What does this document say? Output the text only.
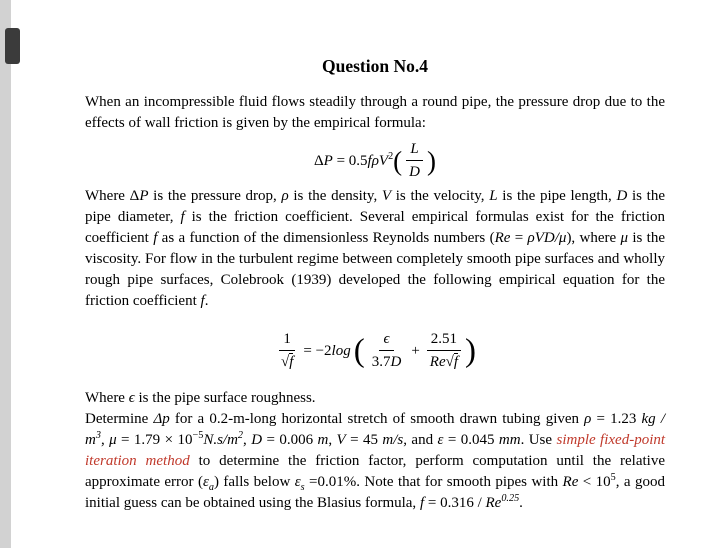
Question No.4

When an incompressible fluid flows steadily through a round pipe, the pressure drop due to the effects of wall friction is given by the empirical formula:

ΔP = 0.5fρV$^2$ ( $\frac{L}{D}$ )

Where ΔP is the pressure drop, ρ is the density, V is the velocity, L is the pipe length, D is the pipe diameter, f is the friction coefficient. Several empirical formulas exist for the friction coefficient f as a function of the dimensionless Reynolds numbers (Re = ρVD/μ), where μ is the viscosity. For flow in the turbulent regime between completely smooth pipe surfaces and wholly rough pipe surfaces, Colebrook (1939) developed the following empirical equation for the friction coefficient f.

$\frac{1}{√f} = -2\log$ ( $\frac{\epsilon}{3.7D} + \frac{2.51}{Re√f}$ )

Where ϵ is the pipe surface roughness.

Determine Δp for a 0.2-m-long horizontal stretch of smooth drawn tubing given ρ = 1.23 kg / $m^3$, $\mu = 1.79 \times 10^{-5}N.s/m^2$, D = 0.006 m, V = 45 m/s, and ε = 0.045 mm. Use simple fixed-point iteration method to determine the friction factor, perform computation until the relative approximate error $(\varepsilon_a)$ falls below $\varepsilon_s =0.01\%$. Note that for smooth pipes with $Re < 10^5$, a good initial guess can be obtained using the Blasius formula, $f = 0.316 / Re^{0.25}$.
